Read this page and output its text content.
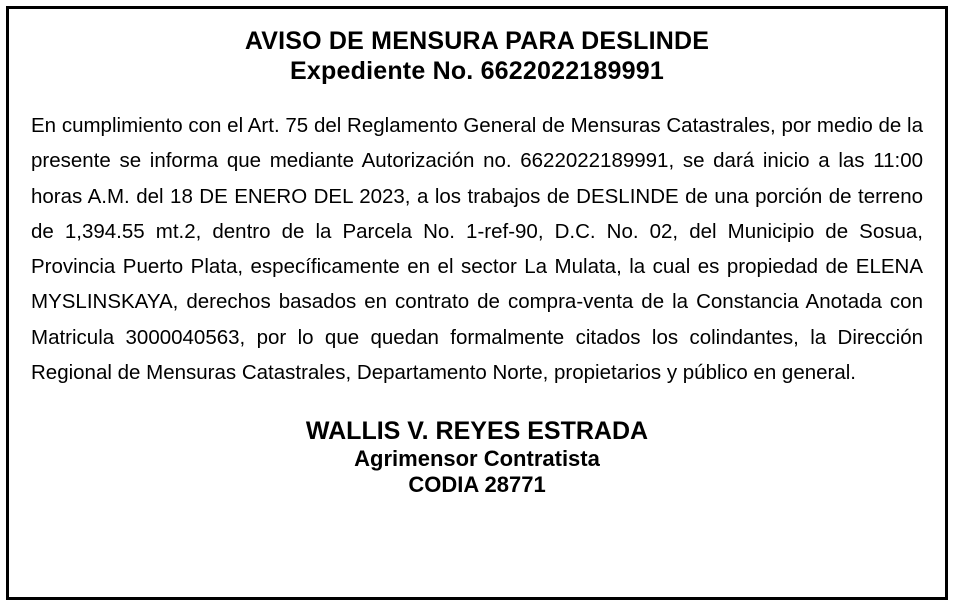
AVISO DE MENSURA PARA DESLINDE
Expediente No. 6622022189991

En cumplimiento con el Art. 75 del Reglamento General de Mensuras Catastrales, por medio de la presente se informa que mediante Autorización no. 6622022189991, se dará inicio a las 11:00 horas A.M. del 18 DE ENERO DEL 2023, a los trabajos de DESLINDE de una porción de terreno de 1,394.55 mt.2, dentro de la Parcela No. 1-ref-90, D.C. No. 02, del Municipio de Sosua, Provincia Puerto Plata, específicamente en el sector La Mulata, la cual es propiedad de ELENA MYSLINSKAYA, derechos basados en contrato de compra-venta de la Constancia Anotada con Matricula 3000040563, por lo que quedan formalmente citados los colindantes, la Dirección Regional de Mensuras Catastrales, Departamento Norte, propietarios y público en general.

WALLIS V. REYES ESTRADA
Agrimensor Contratista
CODIA 28771
